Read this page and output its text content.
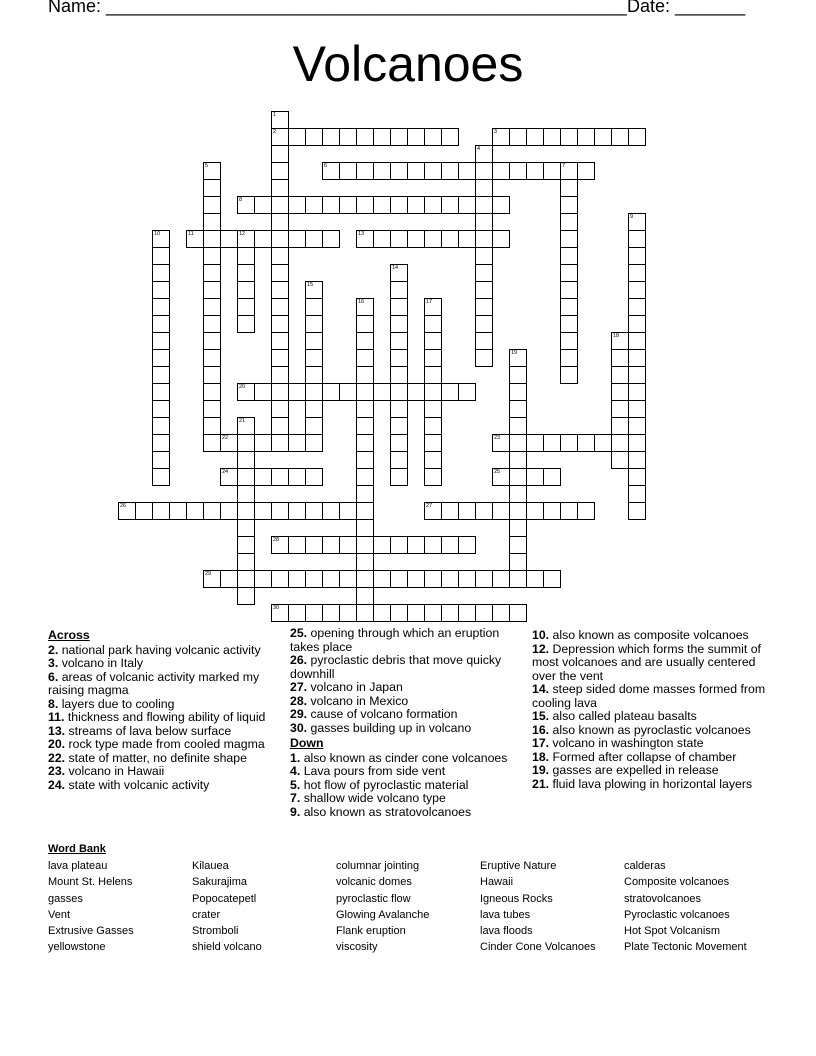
Name: ____________________________________________________ Date: _______
Volcanoes
2	3
6	7
8
11	12	13
20
22	23
24	25
26	27
28
29
30
1
4
5
9
10
14
15
16	17
18
19
21
Across
2. national park having volcanic activity
3. volcano in Italy
6. areas of volcanic activity marked my raising magma
8. layers due to cooling
11. thickness and flowing ability of liquid
13. streams of lava below surface
20. rock type made from cooled magma
22. state of matter, no definite shape
23. volcano in Hawaii
24. state with volcanic activity
25. opening through which an eruption takes place
26. pyroclastic debris that move quicky downhill
27. volcano in Japan
28. volcano in Mexico
29. cause of volcano formation
30. gasses building up in volcano
Down
1. also known as cinder cone volcanoes
4. Lava pours from side vent
5. hot flow of pyroclastic material
7. shallow wide volcano type
9. also known as stratovolcanoes
10. also known as composite volcanoes
12. Depression which forms the summit of most volcanoes and are usually centered over the vent
14. steep sided dome masses formed from cooling lava
15. also called plateau basalts
16. also known as pyroclastic volcanoes
17. volcano in washington state
18. Formed after collapse of chamber
19. gasses are expelled in release
21. fluid lava plowing in horizontal layers
Word Bank
lava plateau
Mount St. Helens
gasses
Vent
Extrusive Gasses
yellowstone
Kilauea
Sakurajima
Popocatepetl
crater
Stromboli
shield volcano
columnar jointing
volcanic domes
pyroclastic flow
Glowing Avalanche
Flank eruption
viscosity
Eruptive Nature
Hawaii
Igneous Rocks
lava tubes
lava floods
Cinder Cone Volcanoes
calderas
Composite volcanoes
stratovolcanoes
Pyroclastic volcanoes
Hot Spot Volcanism
Plate Tectonic Movement
